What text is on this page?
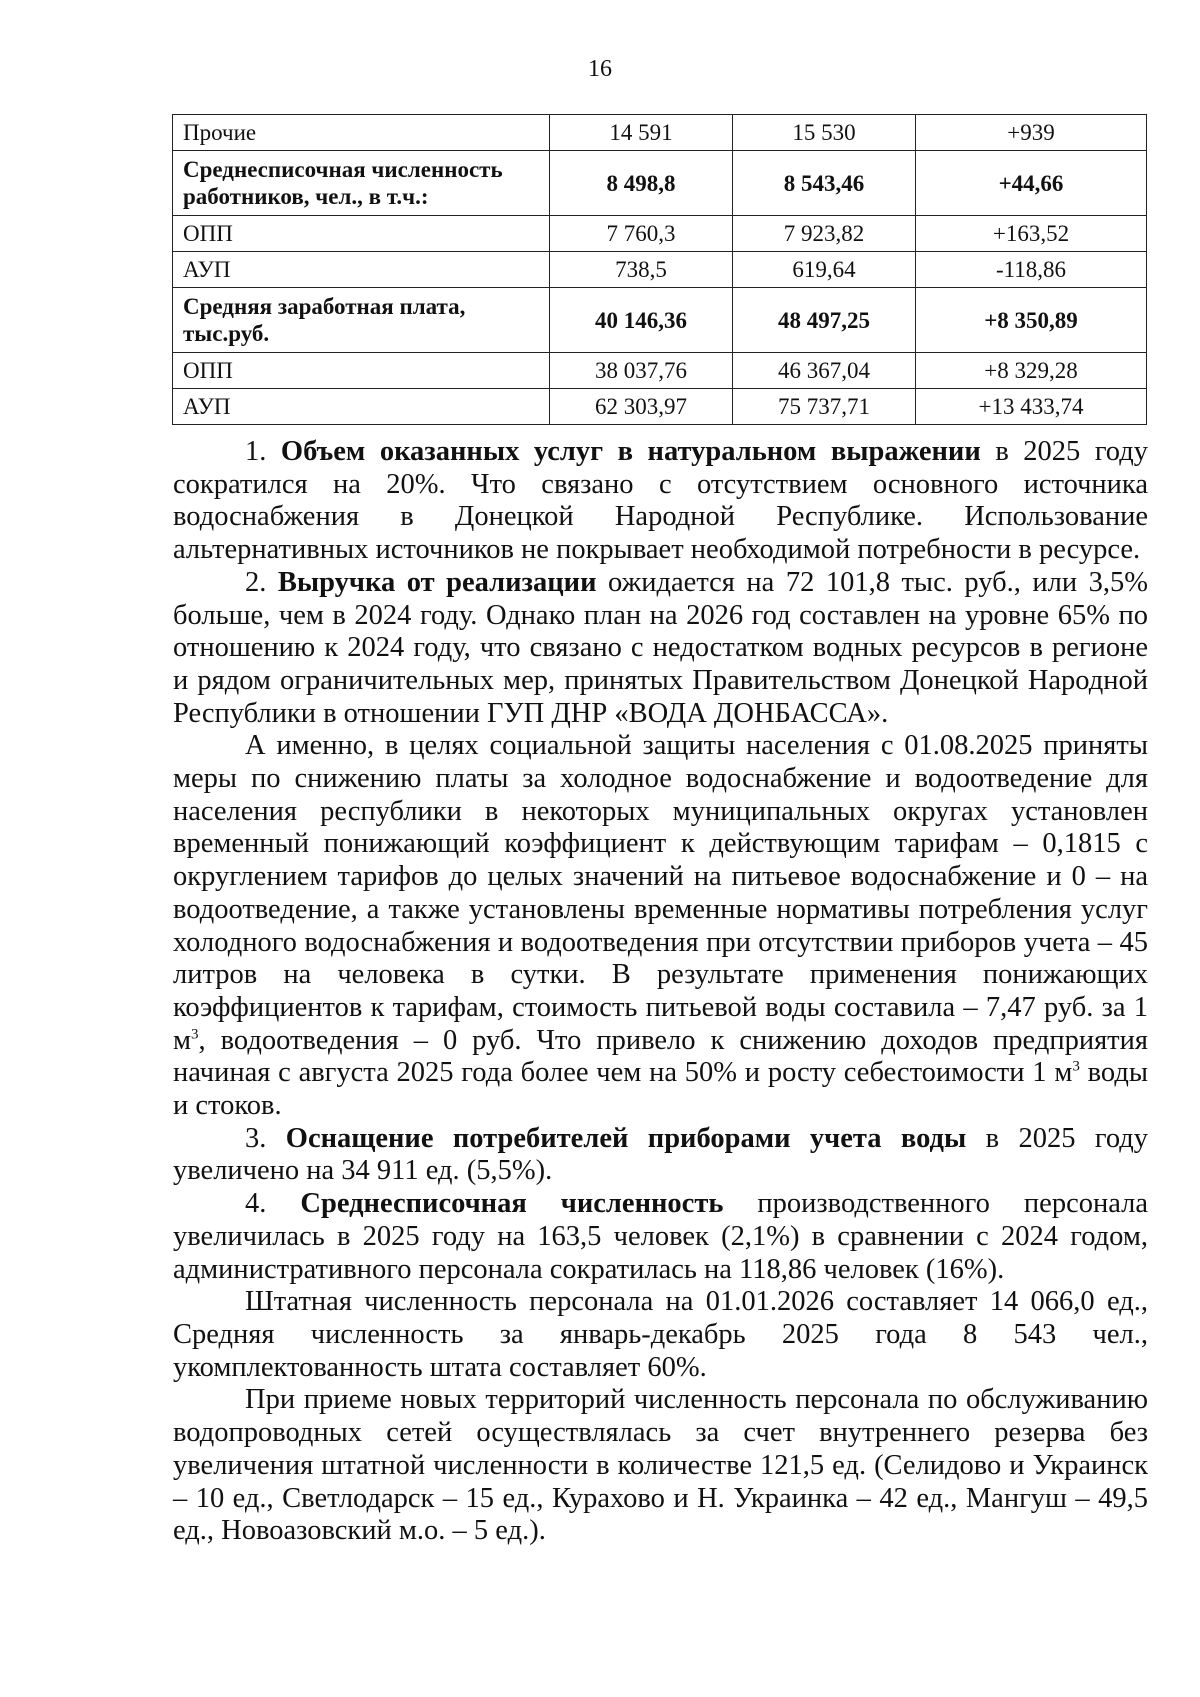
16
Прочие	14 591	15 530	+939
Среднесписочная численность работников, чел., в т.ч.:	8 498,8	8 543,46	+44,66
ОПП	7 760,3	7 923,82	+163,52
АУП	738,5	619,64	-118,86
Средняя заработная плата, тыс.руб.	40 146,36	48 497,25	+8 350,89
ОПП	38 037,76	46 367,04	+8 329,28
АУП	62 303,97	75 737,71	+13 433,74

1. Объем оказанных услуг в натуральном выражении в 2025 году сократился на 20%. Что связано с отсутствием основного источника водоснабжения в Донецкой Народной Республике. Использование альтернативных источников не покрывает необходимой потребности в ресурсе.

2. Выручка от реализации ожидается на 72 101,8 тыс. руб., или 3,5% больше, чем в 2024 году. Однако план на 2026 год составлен на уровне 65% по отношению к 2024 году, что связано с недостатком водных ресурсов в регионе и рядом ограничительных мер, принятых Правительством Донецкой Народной Республики в отношении ГУП ДНР «ВОДА ДОНБАССА».

А именно, в целях социальной защиты населения с 01.08.2025 приняты меры по снижению платы за холодное водоснабжение и водоотведение для населения республики в некоторых муниципальных округах установлен временный понижающий коэффициент к действующим тарифам – 0,1815 с округлением тарифов до целых значений на питьевое водоснабжение и 0 – на водоотведение, а также установлены временные нормативы потребления услуг холодного водоснабжения и водоотведения при отсутствии приборов учета – 45 литров на человека в сутки. В результате применения понижающих коэффициентов к тарифам, стоимость питьевой воды составила – 7,47 руб. за 1 $м^3$, водоотведения – 0 руб. Что привело к снижению доходов предприятия начиная с августа 2025 года более чем на 50% и росту себестоимости 1 $м^3$ воды и стоков.

3. Оснащение потребителей приборами учета воды в 2025 году увеличено на 34 911 ед. (5,5%).

4. Среднесписочная численность производственного персонала увеличилась в 2025 году на 163,5 человек (2,1%) в сравнении с 2024 годом, административного персонала сократилась на 118,86 человек (16%).

Штатная численность персонала на 01.01.2026 составляет 14 066,0 ед., Средняя численность за январь-декабрь 2025 года 8 543 чел., укомплектованность штата составляет 60%.

При приеме новых территорий численность персонала по обслуживанию водопроводных сетей осуществлялась за счет внутреннего резерва без увеличения штатной численности в количестве 121,5 ед. (Селидово и Украинск – 10 ед., Светлодарск – 15 ед., Курахово и Н. Украинка – 42 ед., Мангуш – 49,5 ед., Новоазовский м.о. – 5 ед.).
